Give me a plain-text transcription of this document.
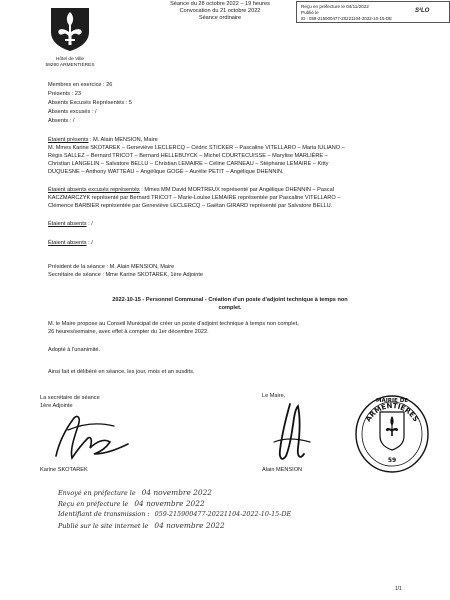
Hôtel de Ville
59280 ARMENTIÈRES
Séance du 28 octobre 2022 – 19 heures
Convocation du 21 octobre 2022
Séance ordinaire
Reçu en préfecture le 04/11/2022
Publié le	S²LO
ID : 059-215900477-20221104-2022-10-15-DE
Membres en exercice : 26
Présents : 23
Absents Excusés Représentés : 5
Absents excusés : /
Absents : /
Étaient présents : M. Alain MENSION, Maire
M. Mmes Karine SKOTAREK – Geneviève LECLERCQ – Cédric STICKER – Pascaline VITELLARO – Maria IULIANO –
Régis SALLEZ – Bernard TRICOT – Bernard HELLEBUYCK – Michel COURTECUISSE – Marylise MARLIÈRE –
Christian LANGELIN – Salvatore BELLU – Christian LEMAIRE – Céline CARNEAU – Stéphanie LEMAIRE – Kitty
DUQUESNE – Anthony WATTEAU – Angélique GOGÉ – Aurélie PETIT – Angélique DHENNIN.
Étaient absents excusés représentés : Mmes MM David MORTREUX représenté par Angélique DHENNIN – Pascal
KACZMARCZYK représenté par Bernard TRICOT – Marie-Louise LEMAIRE représentée par Pascaline VITELLARO –
Clémence BARBIER représentée par Geneviève LECLERCQ – Gaëtan GIRARD représenté par Salvatore BELLU.
Étaient absents : /
Étaient absents : /
Président de la séance : M. Alain MENSION, Maire
Secrétaire de séance : Mme Karine SKOTAREK, 1ère Adjointe
2022-10-15 - Personnel Communal - Création d'un poste d'adjoint technique à temps non
complet.
M. le Maire propose au Conseil Municipal de créer un poste d'adjoint technique à temps non complet,
26 heures/semaine, avec effet à compter du 1er décembre 2022.
Adopté à l'unanimité.
Ainsi fait et délibéré en séance, les jour, mois et an susdits.
La secrétaire de séance
1ère Adjointe
Karine SKOTAREK
Le Maire,
Alain MENSION
MAIRIE DE
ARMENTIÈRES
59
Envoyé en préfecture le 04 novembre 2022
Reçu en préfecture le 04 novembre 2022
Identifiant de transmission : 059-215900477-20221104-2022-10-15-DE
Publié sur le site internet le 04 novembre 2022
1/1
